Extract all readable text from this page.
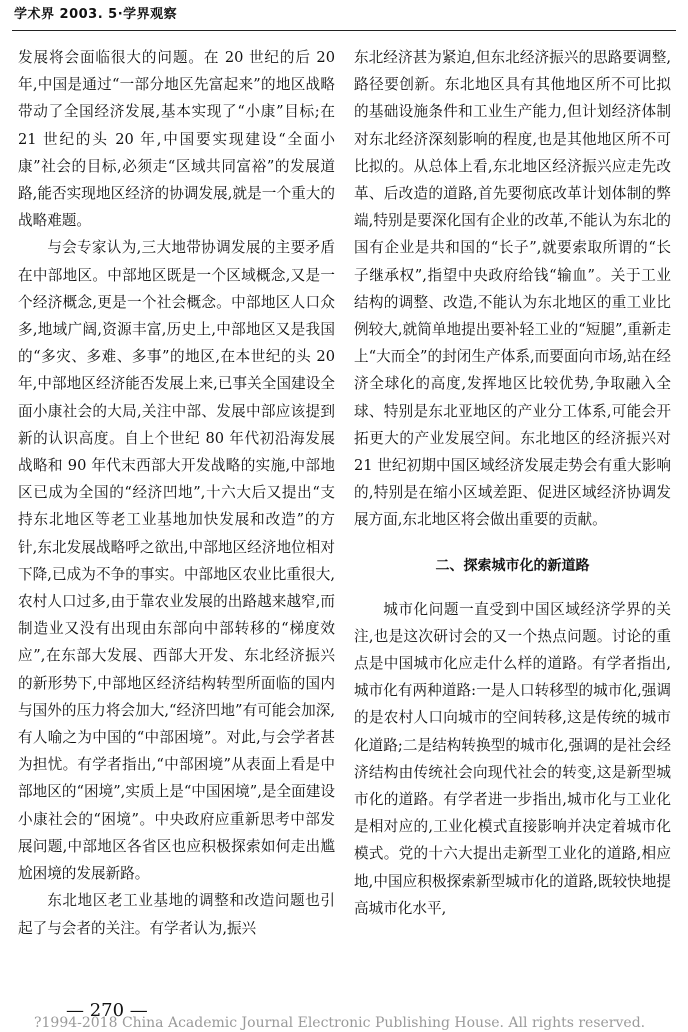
学术界 2003. 5·学界观察

发展将会面临很大的问题。在 20 世纪的后 20 年,中国是通过“一部分地区先富起来”的地区战略带动了全国经济发展,基本实现了“小康”目标;在 21 世纪的头 20 年,中国要实现建设“全面小康”社会的目标,必须走“区域共同富裕”的发展道路,能否实现地区经济的协调发展,就是一个重大的战略难题。

与会专家认为,三大地带协调发展的主要矛盾在中部地区。中部地区既是一个区域概念,又是一个经济概念,更是一个社会概念。中部地区人口众多,地域广阔,资源丰富,历史上,中部地区又是我国的“多灾、多难、多事”的地区,在本世纪的头 20 年,中部地区经济能否发展上来,已事关全国建设全面小康社会的大局,关注中部、发展中部应该提到新的认识高度。自上个世纪 80 年代初沿海发展战略和 90 年代末西部大开发战略的实施,中部地区已成为全国的“经济凹地”,十六大后又提出“支持东北地区等老工业基地加快发展和改造”的方针,东北发展战略呼之欲出,中部地区经济地位相对下降,已成为不争的事实。中部地区农业比重很大,农村人口过多,由于靠农业发展的出路越来越窄,而制造业又没有出现由东部向中部转移的“梯度效应”,在东部大发展、西部大开发、东北经济振兴的新形势下,中部地区经济结构转型所面临的国内与国外的压力将会加大,“经济凹地”有可能会加深,有人喻之为中国的“中部困境”。对此,与会学者甚为担忧。有学者指出,“中部困境”从表面上看是中部地区的“困境”,实质上是“中国困境”,是全面建设小康社会的“困境”。中央政府应重新思考中部发展问题,中部地区各省区也应积极探索如何走出尴尬困境的发展新路。

东北地区老工业基地的调整和改造问题也引起了与会者的关注。有学者认为,振兴

东北经济甚为紧迫,但东北经济振兴的思路要调整,路径要创新。东北地区具有其他地区所不可比拟的基础设施条件和工业生产能力,但计划经济体制对东北经济深刻影响的程度,也是其他地区所不可比拟的。从总体上看,东北地区经济振兴应走先改革、后改造的道路,首先要彻底改革计划体制的弊端,特别是要深化国有企业的改革,不能认为东北的国有企业是共和国的“长子”,就要索取所谓的“长子继承权”,指望中央政府给钱“输血”。关于工业结构的调整、改造,不能认为东北地区的重工业比例较大,就简单地提出要补轻工业的“短腿”,重新走上“大而全”的封闭生产体系,而要面向市场,站在经济全球化的高度,发挥地区比较优势,争取融入全球、特别是东北亚地区的产业分工体系,可能会开拓更大的产业发展空间。东北地区的经济振兴对 21 世纪初期中国区域经济发展走势会有重大影响的,特别是在缩小区域差距、促进区域经济协调发展方面,东北地区将会做出重要的贡献。

二、探索城市化的新道路

城市化问题一直受到中国区域经济学界的关注,也是这次研讨会的又一个热点问题。讨论的重点是中国城市化应走什么样的道路。有学者指出,城市化有两种道路:一是人口转移型的城市化,强调的是农村人口向城市的空间转移,这是传统的城市化道路;二是结构转换型的城市化,强调的是社会经济结构由传统社会向现代社会的转变,这是新型城市化的道路。有学者进一步指出,城市化与工业化是相对应的,工业化模式直接影响并决定着城市化模式。党的十六大提出走新型工业化的道路,相应地,中国应积极探索新型城市化的道路,既较快地提高城市化水平,

— 270 —
?1994-2018 China Academic Journal Electronic Publishing House. All rights reserved.
